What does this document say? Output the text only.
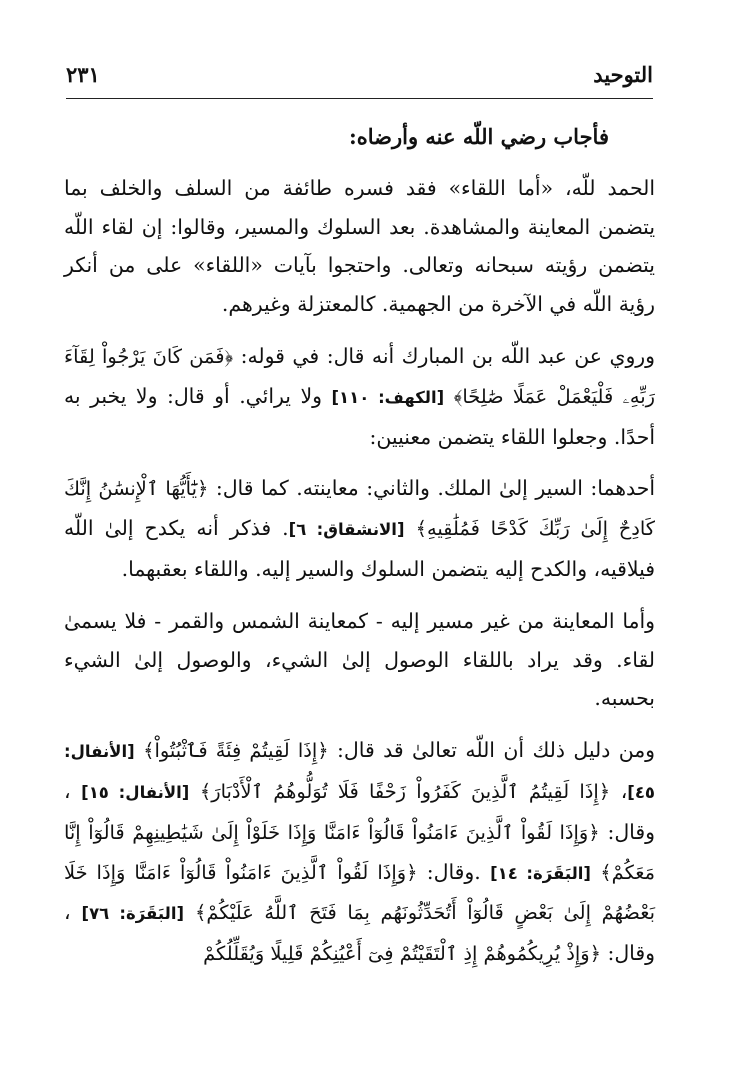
التوحيد
٢٣١

فأجاب رضي اللّه عنه وأرضاه:

الحمد للّه، «أما اللقاء» فقد فسره طائفة من السلف والخلف بما يتضمن المعاينة والمشاهدة. بعد السلوك والمسير، وقالوا: إن لقاء اللّه يتضمن رؤيته سبحانه وتعالى. واحتجوا بآيات «اللقاء» على من أنكر رؤية اللّه في الآخرة من الجهمية. كالمعتزلة وغيرهم.

وروي عن عبد اللّه بن المبارك أنه قال: في قوله: ﴿فَمَن كَانَ يَرْجُواْ لِقَآءَ رَبِّهِۦ فَلْيَعْمَلْ عَمَلًا صَٰلِحًا﴾ [الكهف: ١١٠] ولا يرائي. أو قال: ولا يخبر به أحدًا. وجعلوا اللقاء يتضمن معنيين:

أحدهما: السير إلىٰ الملك. والثاني: معاينته. كما قال: ﴿يَٰٓأَيُّهَا ٱلْإِنسَٰنُ إِنَّكَ كَادِحٌ إِلَىٰ رَبِّكَ كَدْحًا فَمُلَٰقِيهِ﴾ [الانشقاق: ٦]. فذكر أنه يكدح إلىٰ اللّه فيلاقيه، والكدح إليه يتضمن السلوك والسير إليه. واللقاء بعقبهما.

وأما المعاينة من غير مسير إليه - كمعاينة الشمس والقمر - فلا يسمىٰ لقاء. وقد يراد باللقاء الوصول إلىٰ الشيء، والوصول إلىٰ الشيء بحسبه.

ومن دليل ذلك أن اللّه تعالىٰ قد قال: ﴿إِذَا لَقِيتُمْ فِئَةً فَٱثْبُتُواْ﴾ [الأنفال: ٤٥]، ﴿إِذَا لَقِيتُمُ ٱلَّذِينَ كَفَرُواْ زَحْفًا فَلَا تُوَلُّوهُمُ ٱلْأَدْبَارَ﴾ [الأنفال: ١٥] ، وقال: ﴿وَإِذَا لَقُواْ ٱلَّذِينَ ءَامَنُواْ قَالُوٓاْ ءَامَنَّا وَإِذَا خَلَوْاْ إِلَىٰ شَيَٰطِينِهِمْ قَالُوٓاْ إِنَّا مَعَكُمْ﴾ [البَقَرَة: ١٤] .وقال: ﴿وَإِذَا لَقُواْ ٱلَّذِينَ ءَامَنُواْ قَالُوٓاْ ءَامَنَّا وَإِذَا خَلَا بَعْضُهُمْ إِلَىٰ بَعْضٍ قَالُوٓاْ أَتُحَدِّثُونَهُم بِمَا فَتَحَ ٱللَّهُ عَلَيْكُمْ﴾ [البَقَرَة: ٧٦] ، وقال: ﴿وَإِذْ يُرِيكُمُوهُمْ إِذِ ٱلْتَقَيْتُمْ فِىٓ أَعْيُنِكُمْ قَلِيلًا وَيُقَلِّلُكُمْ
